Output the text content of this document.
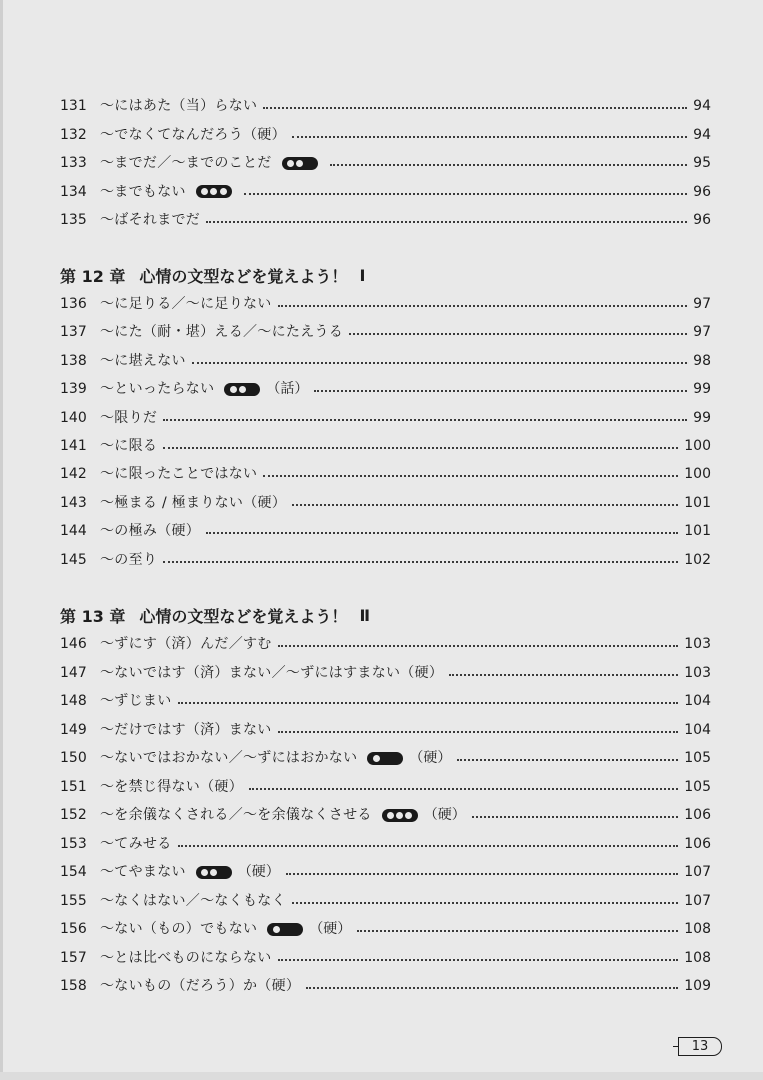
131 ～にはあた（当）らない	94
132 ～でなくてなんだろう（硬）	94
133 ～までだ／～までのことだ	95
134 ～までもない	96
135 ～ばそれまでだ	96
第 12 章 心情の文型などを覚えよう！ Ⅰ
136 ～に足りる／～に足りない	97
137 ～にた（耐・堪）える／～にたえうる	97
138 ～に堪えない	98
139 ～といったらない	（話）	99
140 ～限りだ	99
141 ～に限る	100
142 ～に限ったことではない	100
143 ～極まる / 極まりない（硬）	101
144 ～の極み（硬）	101
145 ～の至り	102
第 13 章 心情の文型などを覚えよう！ Ⅱ
146 ～ずにす（済）んだ／すむ	103
147 ～ないではす（済）まない／～ずにはすまない（硬）	103
148 ～ずじまい	104
149 ～だけではす（済）まない	104
150 ～ないではおかない／～ずにはおかない	（硬）	105
151 ～を禁じ得ない（硬）	105
152 ～を余儀なくされる／～を余儀なくさせる	（硬）	106
153 ～てみせる	106
154 ～てやまない	（硬）	107
155 ～なくはない／～なくもなく	107
156 ～ない（もの）でもない	（硬）	108
157 ～とは比べものにならない	108
158 ～ないもの（だろう）か（硬）	109
13
